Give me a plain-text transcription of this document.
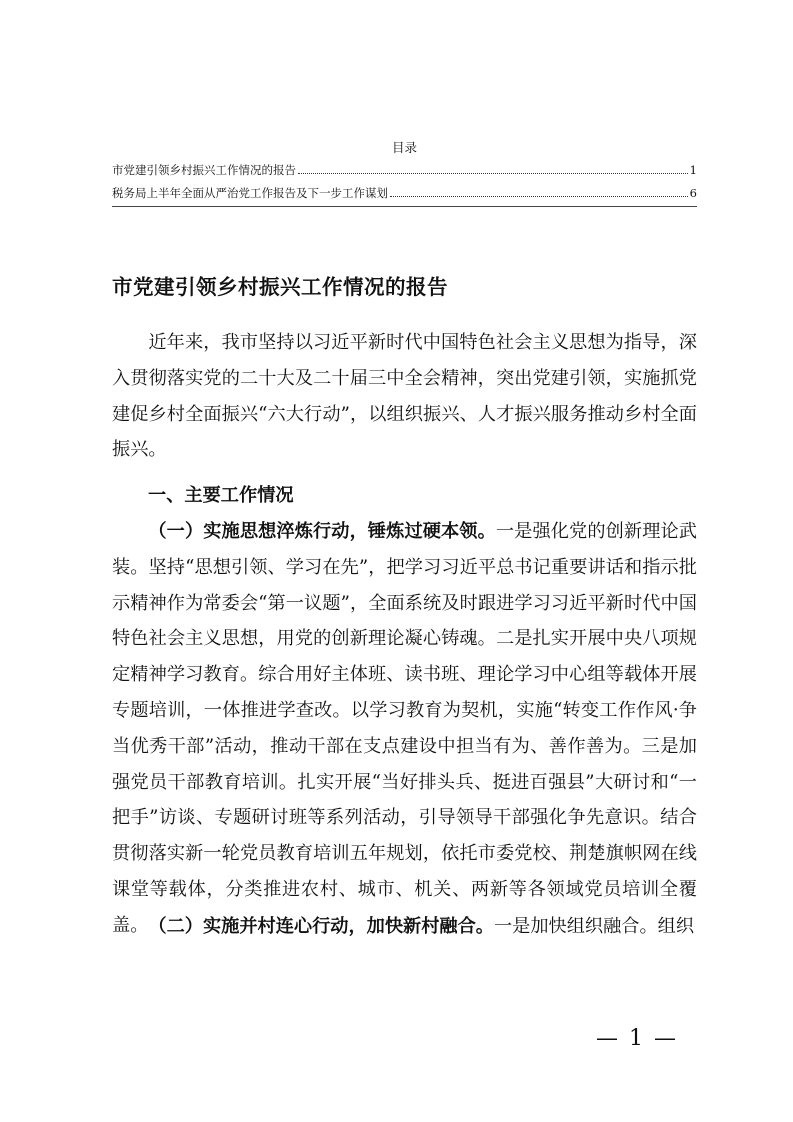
目录
市党建引领乡村振兴工作情况的报告	1
税务局上半年全面从严治党工作报告及下一步工作谋划	6
市党建引领乡村振兴工作情况的报告

近年来，我市坚持以习近平新时代中国特色社会主义思想为指导，深入贯彻落实党的二十大及二十届三中全会精神，突出党建引领，实施抓党建促乡村全面振兴“六大行动”，以组织振兴、人才振兴服务推动乡村全面振兴。

一、主要工作情况

（一）实施思想淬炼行动，锤炼过硬本领。一是强化党的创新理论武装。坚持“思想引领、学习在先”，把学习习近平总书记重要讲话和指示批示精神作为常委会“第一议题”，全面系统及时跟进学习习近平新时代中国特色社会主义思想，用党的创新理论凝心铸魂。二是扎实开展中央八项规定精神学习教育。综合用好主体班、读书班、理论学习中心组等载体开展专题培训，一体推进学查改。以学习教育为契机，实施“转变工作作风·争当优秀干部”活动，推动干部在支点建设中担当有为、善作善为。三是加强党员干部教育培训。扎实开展“当好排头兵、挺进百强县”大研讨和“一把手”访谈、专题研讨班等系列活动，引导领导干部强化争先意识。结合贯彻落实新一轮党员教育培训五年规划，依托市委党校、荆楚旗帜网在线课堂等载体，分类推进农村、城市、机关、两新等各领域党员培训全覆盖。 （二）实施并村连心行动，加快新村融合。一是加快组织融合。组织

— 1 —
